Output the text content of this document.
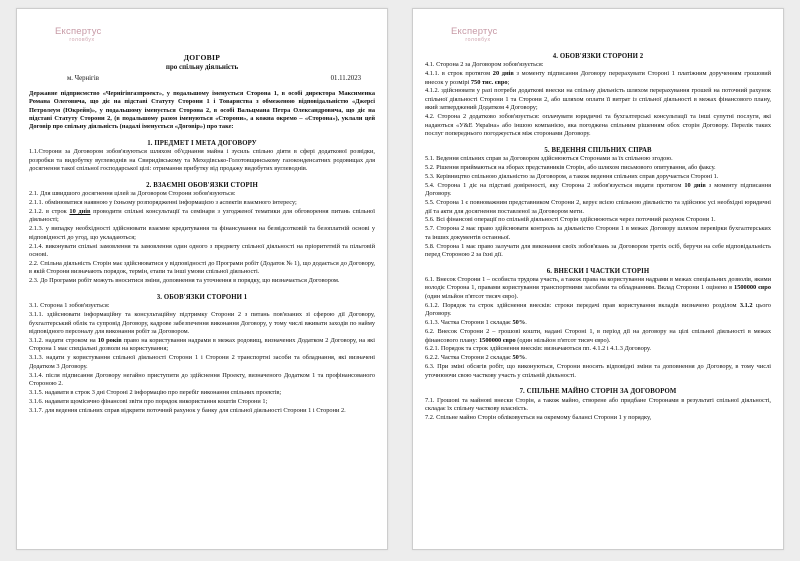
Експертус
головбух
ДОГОВІР
про спільну діяльність
м. Чернігів	01.11.2023

Державне підприємство «Чернігівгазпроект», у подальшому іменується Сторона 1, в особі директора Максименка Романа Олеговича, що діє на підставі Статуту Сторони 1 і Товариства з обмеженою відповідальністю «Джерсі Петролеум (Юкрейн)», у подальшому іменується Сторона 2, в особі Вальцмана Петра Олександровича, що діє на підставі Статуту Сторони 2, (в подальшому разом іменуються «Сторони», а кожна окремо – «Сторона»), уклали цей Договір про спільну діяльність (надалі іменується «Договір») про таке:

1. ПРЕДМЕТ І МЕТА ДОГОВОРУ

1.1.Сторони за Договором зобов'язуються шляхом об'єднання майна і зусиль спільно діяти в сфері додаткової розвідки, розробки та видобутку вуглеводнів на Свиридівському та Мехедівсько-Голотовщинському газоконденсатних родовищах для досягнення такої спільної господарської цілі: отримання прибутку від продажу видобутих вуглеводнів.

2. ВЗАЄМНІ ОБОВ'ЯЗКИ СТОРІН

2.1. Для швидшого досягнення цілей за Договором Сторони зобов'язуються:

2.1.1. обмінюватися наявною у їхньому розпорядженні інформацією з аспектів взаємного інтересу;

2.1.2. в строк 10 днів проводити спільні консультації та семінари з узгодженої тематики для обговорення питань спільної діяльності;

2.1.3. у випадку необхідності здійснювати взаємне кредитування та фінансування на безвідсотковій та безоплатній основі у відповідності до угод, що укладаються;

2.1.4. виконувати спільні замовлення та замовлення один одного з предмету спільної діяльності на пріоритетній та пільговій основі.

2.2. Спільна діяльність Сторін має здійснюватися у відповідності до Програми робіт (Додаток № 1), що додається до Договору, в якій Сторони визначають порядок, термін, етапи та інші умови спільної діяльності.

2.3. До Програми робіт можуть вноситися зміни, доповнення та уточнення в порядку, що визначається Договором.

3. ОБОВ'ЯЗКИ СТОРОНИ 1

3.1. Сторона 1 зобов'язується:

3.1.1. здійснювати інформаційну та консультаційну підтримку Сторони 2 з питань пов'язаних зі сферою дії Договору, бухгалтерський облік та супровід Договору, кадрове забезпечення виконання Договору, у тому числі вживати заходів по найму відповідного персоналу для виконання робіт за Договором.

3.1.2. надати строком на 10 років право на користування надрами в межах родовищ, визначених Додатком 2 Договору, на які Сторона 1 має спеціальні дозволи на користування;

3.1.3. надати у користування спільної діяльності Сторони 1 і Сторони 2 транспортні засоби та обладнання, які визначені Додатком 3 Договору.

3.1.4. після підписання Договору негайно приступити до здійснення Проекту, визначеного Додатком 1 та профінансованого Стороною 2.

3.1.5. надавати в строк 3 дні Стороні 2 інформацію про перебіг виконання спільних проектів;

3.1.6. надавати щомісячно фінансові звіти про порядок використання коштів Сторони 1;

3.1.7. для ведення спільних справ відкрити поточний рахунок у банку для спільної діяльності Сторони 1 і Сторони 2.

Експертус
головбух
4. ОБОВ'ЯЗКИ СТОРОНИ 2

4.1. Сторона 2 за Договором зобов'язується:

4.1.1. в строк протягом 20 днів з моменту підписання Договору перерахувати Стороні 1 платіжним дорученням грошовий внесок у розмірі 750 тис. євро;

4.1.2. здійснювати у разі потреби додаткові внески на спільну діяльність шляхом перерахування грошей на поточний рахунок спільної діяльності Сторони 1 та Сторони 2, або шляхом оплати її витрат із спільної діяльності в межах фінансового плану, який затверджений Додатком 4 Договору;

4.2. Сторона 2 додатково зобов'язується: оплачувати юридичні та бухгалтерські консультації та інші супутні послуги, які надаються «У&Е Україна» або іншою компанією, яка погоджена спільним рішенням обох сторін Договору. Перелік таких послуг попереднього погоджується між сторонами Договору.

5. ВЕДЕННЯ СПІЛЬНИХ СПРАВ

5.1. Ведення спільних справ за Договором здійснюються Сторонами за їх спільною згодою.

5.2. Рішення приймаються на зборах представників Сторін, або шляхом письмового опитування, або факсу.

5.3. Керівництво спільною діяльністю за Договором, а також ведення спільних справ доручається Стороні 1.

5.4. Сторона 1 діє на підставі довіреності, яку Сторона 2 зобов'язується видати протягом 10 днів з моменту підписання Договору.

5.5. Сторона 1 є повноважним представником Сторони 2, керує всією спільною діяльністю та здійснює усі необхідні юридичні дії та акти для досягнення поставленої за Договором мети.

5.6. Всі фінансові операції по спільній діяльності Сторін здійснюються через поточний рахунок Сторони 1.

5.7. Сторона 2 має право здійснювати контроль за діяльністю Сторони 1 в межах Договору шляхом перевірки бухгалтерських та інших документів останньої.

5.8. Сторона 1 має право залучати для виконання своїх зобов'язань за Договором третіх осіб, беручи на себе відповідальність перед Стороною 2 за їхні дії.

6. ВНЕСКИ І ЧАСТКИ СТОРІН

6.1. Внесок Сторони 1 – особиста трудова участь, а також права на користування надрами в межах спеціальних дозволів, якими володіє Сторона 1, правами користування транспортними засобами та обладнанням. Вклад Сторони 1 оцінено в 1500000 євро (один мільйон п'ятсот тисяч євро).

6.1.2. Порядок та строк здійснення внесків: строки передачі прав користування вкладів визначено розділом 3.1.2 цього Договору.

6.1.3. Частка Сторони 1 складає 50%.

6.2. Внесок Сторони 2 – грошові кошти, надані Стороні 1, в період дії на договору на цілі спільної діяльності в межах фінансового плану: 1500000 євро (один мільйон п'ятсот тисяч євро).

6.2.1. Порядок та строк здійснення внесків: визначаються пп. 4.1.2 і 4.1.3 Договору.

6.2.2. Частка Сторони 2 складає 50%.

6.3. При зміні обсягів робіт, що виконуються, Сторони вносять відповідні зміни та доповнення до Договору, в тому числі уточнюючи свою часткову участь у спільній діяльності.

7. СПІЛЬНЕ МАЙНО СТОРІН ЗА ДОГОВОРОМ

7.1. Грошові та майнові внески Сторін, а також майно, створене або придбане Сторонами в результаті спільної діяльності, складає їх спільну часткову власність.

7.2. Спільне майно Сторін обліковується на окремому балансі Сторони 1 у порядку,
